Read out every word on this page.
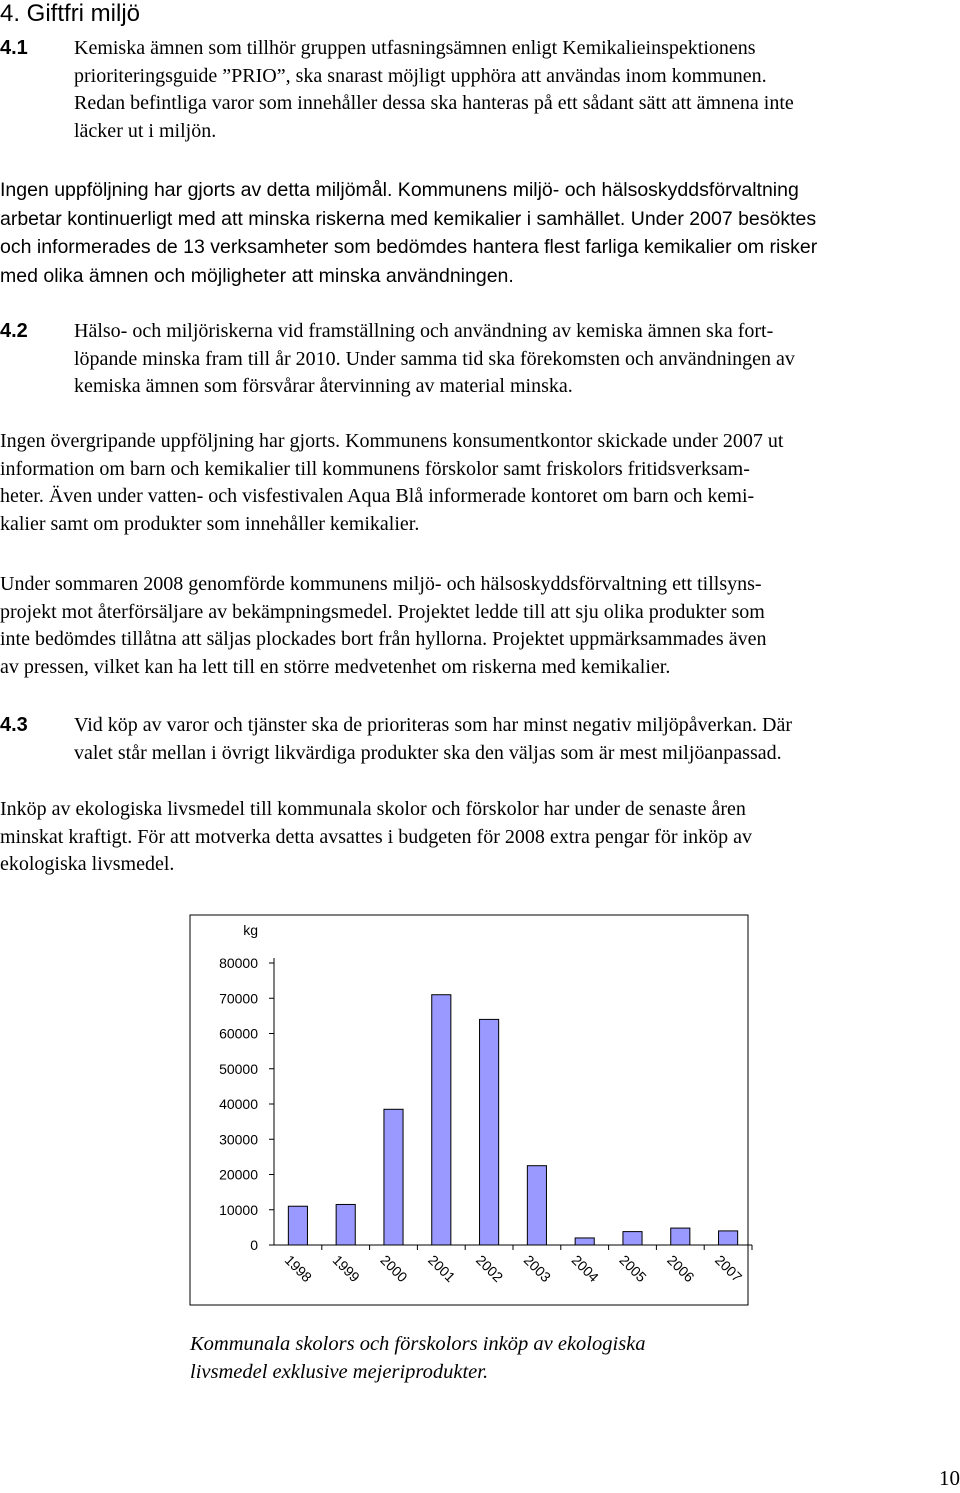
4. Giftfri miljö
4.1 Kemiska ämnen som tillhör gruppen utfasningsämnen enligt Kemikalieinspektionens
prioriteringsguide ”PRIO”, ska snarast möjligt upphöra att användas inom kommunen.
Redan befintliga varor som innehåller dessa ska hanteras på ett sådant sätt att ämnena inte
läcker ut i miljön.
Ingen uppföljning har gjorts av detta miljömål. Kommunens miljö- och hälsoskyddsförvaltning
arbetar kontinuerligt med att minska riskerna med kemikalier i samhället. Under 2007 besöktes
och informerades de 13 verksamheter som bedömdes hantera flest farliga kemikalier om risker
med olika ämnen och möjligheter att minska användningen.
4.2 Hälso- och miljöriskerna vid framställning och användning av kemiska ämnen ska fort-
löpande minska fram till år 2010. Under samma tid ska förekomsten och användningen av
kemiska ämnen som försvårar återvinning av material minska.
Ingen övergripande uppföljning har gjorts. Kommunens konsumentkontor skickade under 2007 ut
information om barn och kemikalier till kommunens förskolor samt friskolors fritidsverksam-
heter. Även under vatten- och visfestivalen Aqua Blå informerade kontoret om barn och kemi-
kalier samt om produkter som innehåller kemikalier.
Under sommaren 2008 genomförde kommunens miljö- och hälsoskyddsförvaltning ett tillsyns-
projekt mot återförsäljare av bekämpningsmedel. Projektet ledde till att sju olika produkter som
inte bedömdes tillåtna att säljas plockades bort från hyllorna. Projektet uppmärksammades även
av pressen, vilket kan ha lett till en större medvetenhet om riskerna med kemikalier.
4.3 Vid köp av varor och tjänster ska de prioriteras som har minst negativ miljöpåverkan. Där
valet står mellan i övrigt likvärdiga produkter ska den väljas som är mest miljöanpassad.
Inköp av ekologiska livsmedel till kommunala skolor och förskolor har under de senaste åren
minskat kraftigt. För att motverka detta avsattes i budgeten för 2008 extra pengar för inköp av
ekologiska livsmedel.
kg
0
10000
20000
30000
40000
50000
60000
70000
80000
1998 1999 2000 2001 2002 2003 2004 2005 2006 2007
Kommunala skolors och förskolors inköp av ekologiska
livsmedel exklusive mejeriprodukter.
10
